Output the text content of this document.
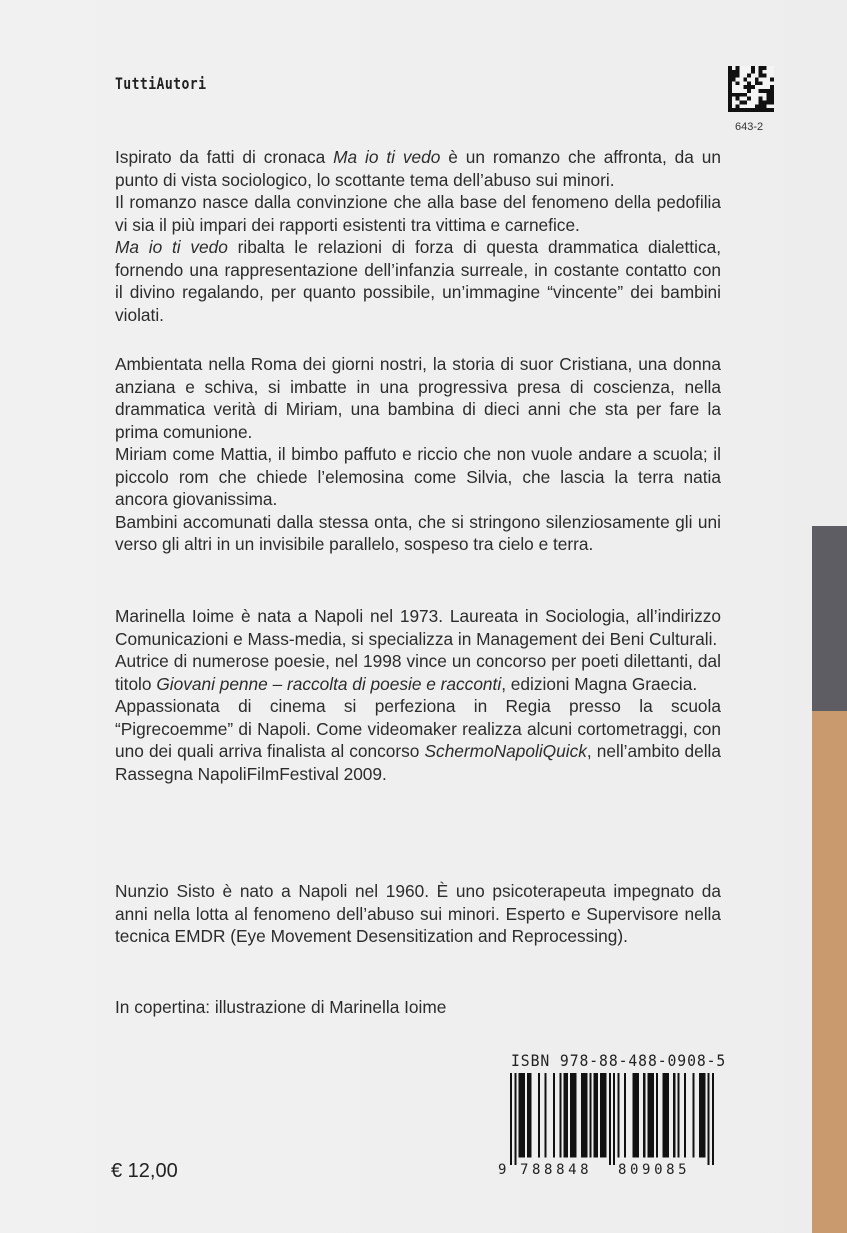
TuttiAutori
643-2

Ispirato da fatti di cronaca Ma io ti vedo è un romanzo che affronta, da un punto di vista sociologico, lo scottante tema dell’abuso sui minori.

Il romanzo nasce dalla convinzione che alla base del fenomeno della pedofilia vi sia il più impari dei rapporti esistenti tra vittima e carnefice.

Ma io ti vedo ribalta le relazioni di forza di questa drammatica dialettica, fornendo una rappresentazione dell’infanzia surreale, in costante contatto con il divino regalando, per quanto possibile, un’immagine “vincente” dei bambini violati.

Ambientata nella Roma dei giorni nostri, la storia di suor Cristiana, una donna anziana e schiva, si imbatte in una progressiva presa di coscienza, nella drammatica verità di Miriam, una bambina di dieci anni che sta per fare la prima comunione.

Miriam come Mattia, il bimbo paffuto e riccio che non vuole andare a scuola; il piccolo rom che chiede l’elemosina come Silvia, che lascia la terra natia ancora giovanissima.

Bambini accomunati dalla stessa onta, che si stringono silenziosamente gli uni verso gli altri in un invisibile parallelo, sospeso tra cielo e terra.

Marinella Ioime è nata a Napoli nel 1973. Laureata in Sociologia, all’indirizzo Comunicazioni e Mass-media, si specializza in Management dei Beni Culturali.

Autrice di numerose poesie, nel 1998 vince un concorso per poeti dilettanti, dal titolo Giovani penne – raccolta di poesie e racconti, edizioni Magna Graecia.

Appassionata di cinema si perfeziona in Regia presso la scuola “Pigrecoemme” di Napoli. Come videomaker realizza alcuni cortometraggi, con uno dei quali arriva finalista al concorso SchermoNapoliQuick, nell’ambito della Rassegna NapoliFilmFestival 2009.

Nunzio Sisto è nato a Napoli nel 1960. È uno psicoterapeuta impegnato da anni nella lotta al fenomeno dell’abuso sui minori. Esperto e Supervisore nella tecnica EMDR (Eye Movement Desensitization and Reprocessing).

In copertina: illustrazione di Marinella Ioime
ISBN 978-88-488-0908-5
9 788848 809085
€ 12,00
